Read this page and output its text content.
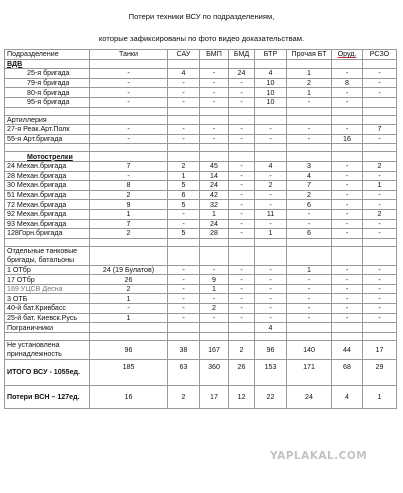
Потери техники ВСУ по подразделениям,
которые зафиксированы по фото видео доказательствам.
Подразделение	Танки	САУ	БМП	БМД	БТР	Прочая БТ	Оруд.	РСЗО
ВДВ								
25-я бригада	-	4	-	24	4	1	-	-
79-я бригада	-	-	-	-	10	2	8	-
80-я бригада	-	-	-	-	10	1	-	-
95-я бригада	-	-	-	-	10	-	-	

Артиллерия								
27-я Реак.Арт.Полк	-	-	-	-	-	-	-	7
55-я Арт.бригада	-	-	-	-	-	-	16	-

Мотострелки								
24 Механ.бригада	7	2	45	-	4	3	-	2
28 Механ.бригада	-	1	14	-	-	4	-	-
30 Механ.бригада	8	5	24	-	2	7	-	1
51 Механ.бригада	2	6	42	-	-	2	-	-
72 Механ.бригада	9	5	32	-	-	6	-	-
92 Механ.бригада	1	-	1	-	11	-	-	2
93 Механ.бригада	7	-	24	-	-	-	-	-
128Горн.бригада	2	5	28	-	1	6	-	-

Отдельные танковые бригады, батальоны								
1 ОТбр	24 (19 Булатов)	-	-	-	-	1	-	-
17 ОТбр	26	-	9	-	-	-	-	-
169 УЦСВ Десна	2	-	1	-	-	-	-	-
3 ОТБ	1	-	-	-	-	-	-	-
40-й бат.Кривбасс	-	-	2	-	-	-	-	-
25-й бат. Киевск.Русь	1	-	-	-	-	-	-	-
Пограничники					4			

Не установлена принадлежность	96	38	167	2	96	140	44	17
ИТОГО ВСУ - 1055ед.	185	63	360	26	153	171	68	29
Потери ВСН – 127ед.	16	2	17	12	22	24	4	1
YAPLAKAL.COM
